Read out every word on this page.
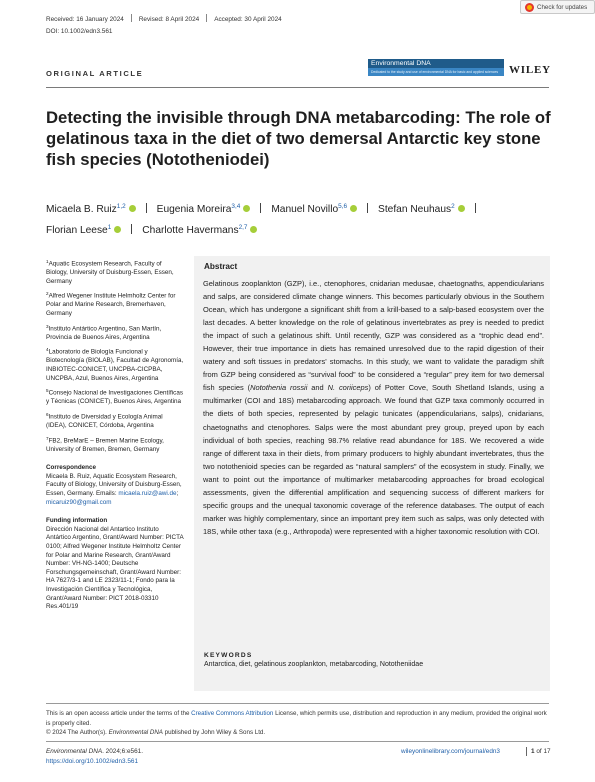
Received: 16 January 2024 Revised: 8 April 2024 Accepted: 30 April 2024
DOI: 10.1002/edn3.561
Check for updates
ORIGINAL ARTICLE
Environmental DNA
Dedicated to the study and use of environmental DNA for basic and applied sciences WILEY
Detecting the invisible through DNA metabarcoding: The role of gelatinous taxa in the diet of two demersal Antarctic key stone fish species (Nototheniodei)
Micaela B. Ruiz$^{1,2}$	Eugenia Moreira$^{3,4}$	Manuel Novillo$^{5,6}$	Stefan Neuhaus$^2$
Florian Leese$^1$	Charlotte Havermans$^{2,7}$
$^1$Aquatic Ecosystem Research, Faculty of Biology, University of Duisburg-Essen, Essen, Germany
$^2$Alfred Wegener Institute Helmholtz Center for Polar and Marine Research, Bremerhaven, Germany
$^3$Instituto Antártico Argentino, San Martín, Provincia de Buenos Aires, Argentina
$^4$Laboratorio de Biología Funcional y Biotecnología (BIOLAB), Facultad de Agronomía, INBIOTEC-CONICET, UNCPBA-CICPBA, UNCPBA, Azul, Buenos Aires, Argentina
$^5$Consejo Nacional de Investigaciones Científicas y Técnicas (CONICET), Buenos Aires, Argentina
$^6$Instituto de Diversidad y Ecología Animal (IDEA), CONICET, Córdoba, Argentina
$^7$FB2, BreMarE – Bremen Marine Ecology, University of Bremen, Bremen, Germany
Correspondence
Micaela B. Ruiz, Aquatic Ecosystem Research, Faculty of Biology, University of Duisburg-Essen, Essen, Germany. Emails: micaela.ruiz@awi.de; micaruiz90@gmail.com
Funding information
Dirección Nacional del Antartico Instituto Antártico Argentino, Grant/Award Number: PICTA 0100; Alfred Wegener Institute Helmholtz Center for Polar and Marine Research, Grant/Award Number: VH-NG-1400; Deutsche Forschungsgemeinschaft, Grant/Award Number: HA 7627/3-1 and LE 2323/11-1; Fondo para la Investigación Científica y Tecnológica, Grant/Award Number: PICT 2018-03310 Res.401/19
Abstract
Gelatinous zooplankton (GZP), i.e., ctenophores, cnidarian medusae, chaetognaths, appendicularians and salps, are considered climate change winners. This becomes particularly obvious in the Southern Ocean, which has undergone a significant shift from a krill-based to a salp-based ecosystem over the last decades. A better knowledge on the role of gelatinous invertebrates as prey is needed to predict the impact of such a gelatinous shift. Until recently, GZP was considered as a “trophic dead end”. However, their true importance in diets has remained unresolved due to the rapid digestion of their watery and soft tissues in predators' stomachs. In this study, we want to validate the paradigm shift from GZP being considered as “survival food” to be considered a “regular” prey item for two demersal fish species (Notothenia rossii and N. coriiceps) of Potter Cove, South Shetland Islands, using a multimarker (COI and 18S) metabarcoding approach. We found that GZP taxa commonly occurred in the diets of both species, represented by pelagic tunicates (appendicularians, salps), cnidarians, chaetognaths and ctenophores. Salps were the most abundant prey group, preyed upon by each individual of both species, reaching 98.7% relative read abundance for 18S. We recovered a wide range of different taxa in their diets, from primary producers to highly abundant invertebrates, thus the two notothenioid species can be regarded as “natural samplers” of the ecosystem in study. Finally, we want to point out the importance of multimarker metabarcoding approaches for broad ecological assessments, given the differential amplification and sequencing success of different markers for specific groups and the unequal taxonomic coverage of the reference databases. The output of each marker was highly complementary, since an important prey item such as salps, was only detected with 18S, while other taxa (e.g., Arthropoda) were represented with a higher taxonomic resolution with COI.
KEYWORDS
Antarctica, diet, gelatinous zooplankton, metabarcoding, Nototheniidae
This is an open access article under the terms of the Creative Commons Attribution License, which permits use, distribution and reproduction in any medium, provided the original work is properly cited.
© 2024 The Author(s). Environmental DNA published by John Wiley & Sons Ltd.
Environmental DNA. 2024;6:e561.
https://doi.org/10.1002/edn3.561
wileyonlinelibrary.com/journal/edn3	1 of 17
